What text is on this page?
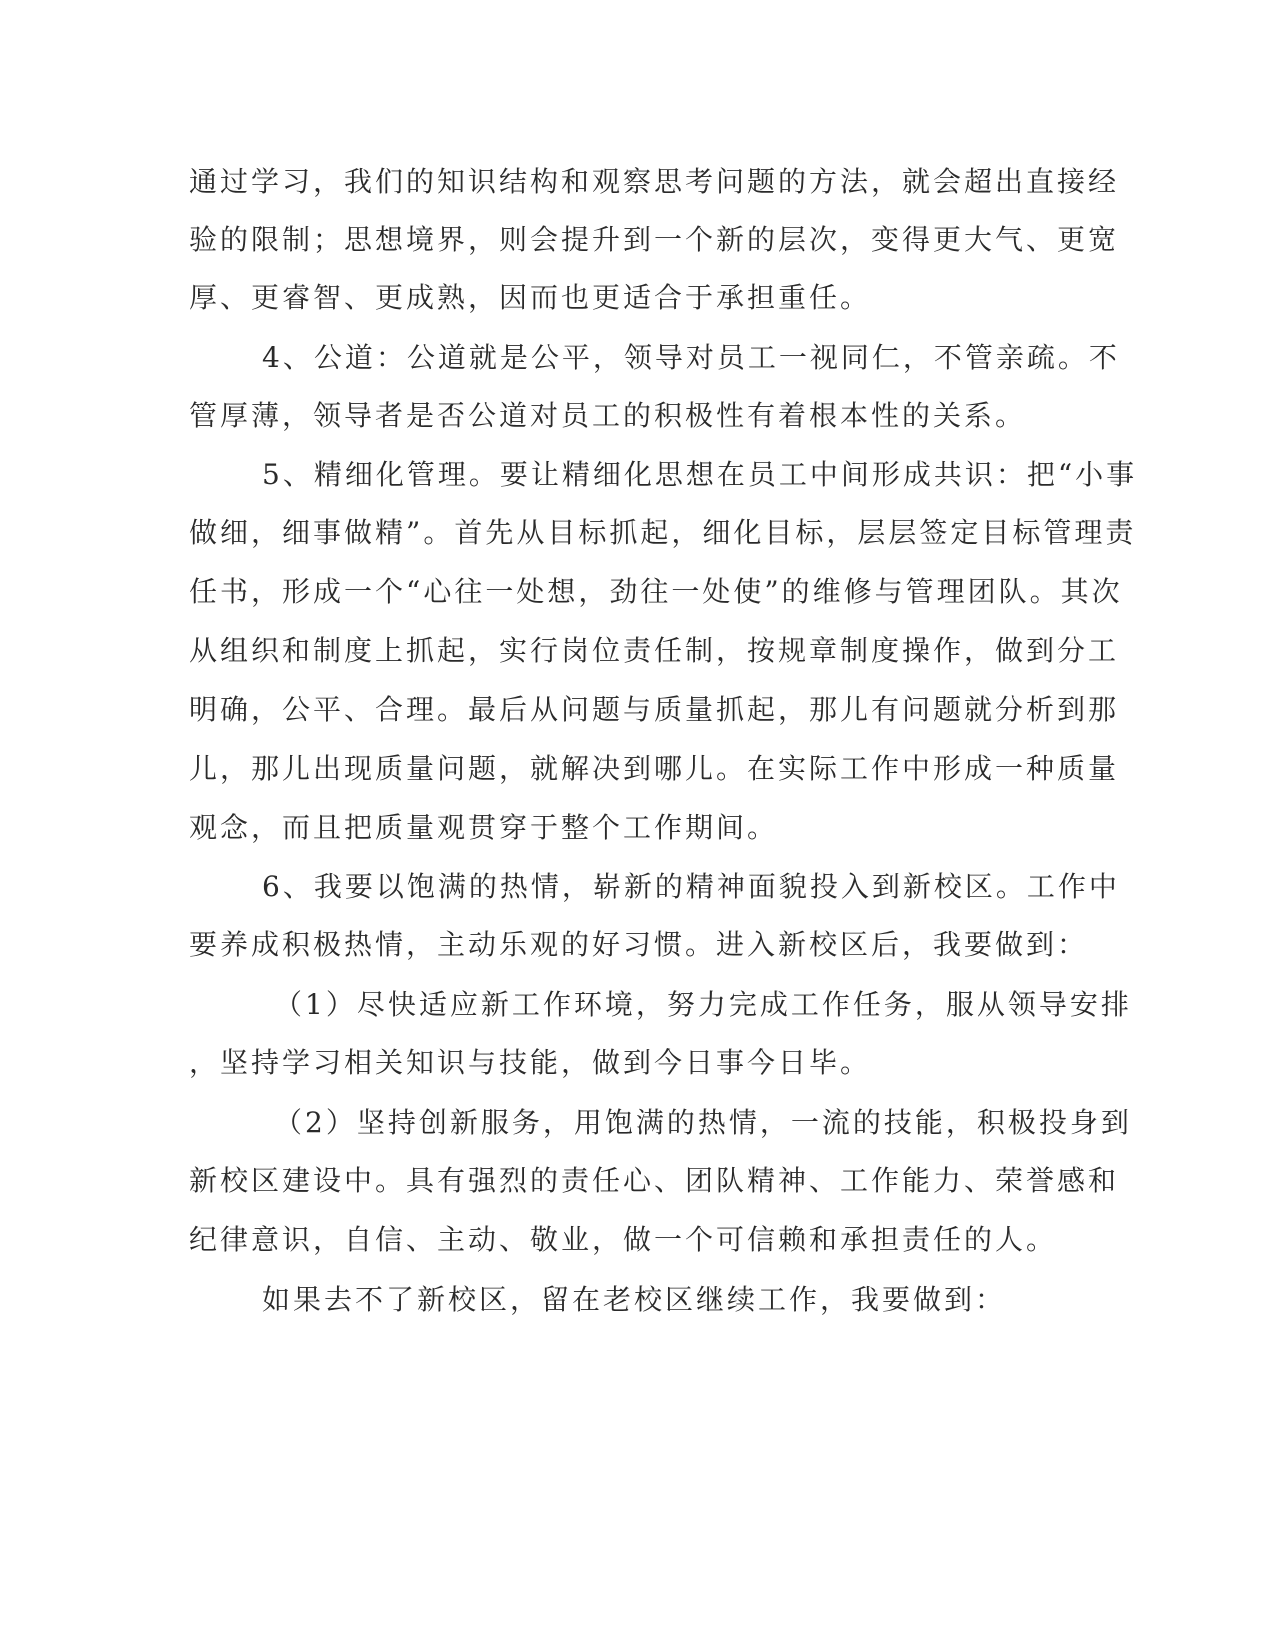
通过学习，我们的知识结构和观察思考问题的方法，就会超出直接经
验的限制；思想境界，则会提升到一个新的层次，变得更大气、更宽
厚、更睿智、更成熟，因而也更适合于承担重任。
4、公道：公道就是公平，领导对员工一视同仁，不管亲疏。不
管厚薄，领导者是否公道对员工的积极性有着根本性的关系。
5、精细化管理。要让精细化思想在员工中间形成共识：把“小事
做细，细事做精”。首先从目标抓起，细化目标，层层签定目标管理责
任书，形成一个“心往一处想，劲往一处使”的维修与管理团队。其次
从组织和制度上抓起，实行岗位责任制，按规章制度操作，做到分工
明确，公平、合理。最后从问题与质量抓起，那儿有问题就分析到那
儿，那儿出现质量问题，就解决到哪儿。在实际工作中形成一种质量
观念，而且把质量观贯穿于整个工作期间。
6、我要以饱满的热情，崭新的精神面貌投入到新校区。工作中
要养成积极热情，主动乐观的好习惯。进入新校区后，我要做到：
（1）尽快适应新工作环境，努力完成工作任务，服从领导安排
，坚持学习相关知识与技能，做到今日事今日毕。
（2）坚持创新服务，用饱满的热情，一流的技能，积极投身到
新校区建设中。具有强烈的责任心、团队精神、工作能力、荣誉感和
纪律意识，自信、主动、敬业，做一个可信赖和承担责任的人。
如果去不了新校区，留在老校区继续工作，我要做到：
